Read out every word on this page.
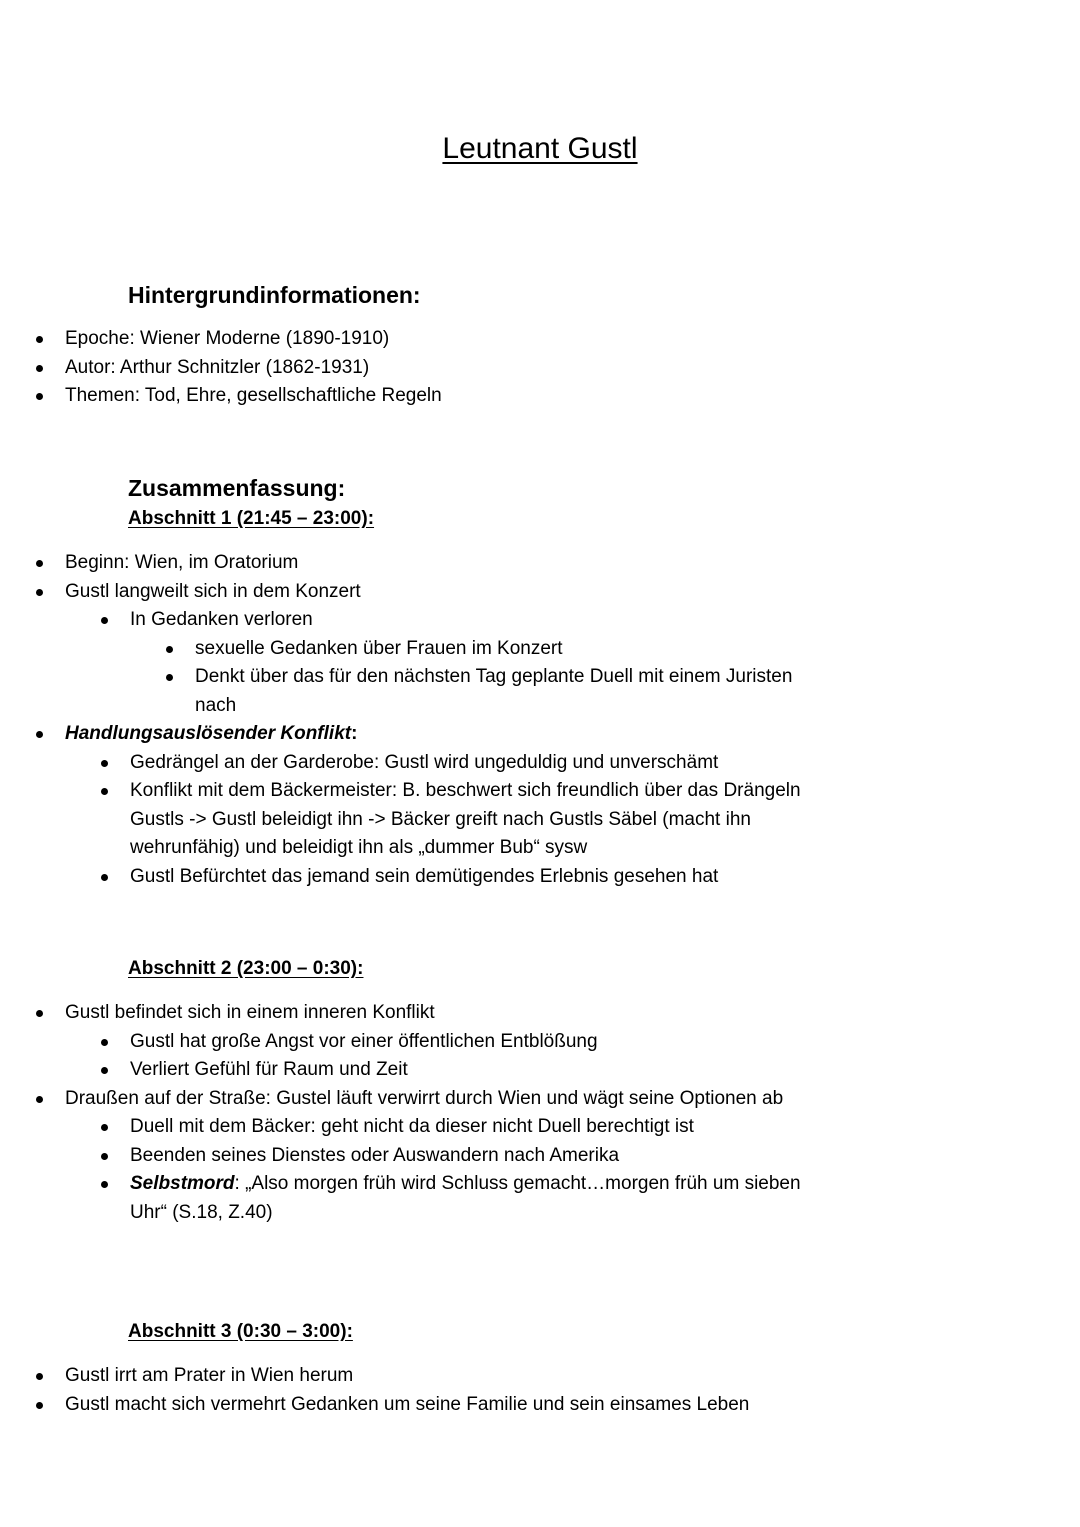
Leutnant Gustl
Hintergrundinformationen:
Epoche: Wiener Moderne (1890-1910)
Autor: Arthur Schnitzler (1862-1931)
Themen: Tod, Ehre, gesellschaftliche Regeln
Zusammenfassung:
Abschnitt 1 (21:45 – 23:00):
Beginn: Wien, im Oratorium
Gustl langweilt sich in dem Konzert
In Gedanken verloren
sexuelle Gedanken über Frauen im Konzert
Denkt über das für den nächsten Tag geplante Duell mit einem Juristen nach
Handlungsauslösender Konflikt:
Gedrängel an der Garderobe: Gustl wird ungeduldig und unverschämt
Konflikt mit dem Bäckermeister: B. beschwert sich freundlich über das Drängeln Gustls -> Gustl beleidigt ihn -> Bäcker greift nach Gustls Säbel (macht ihn wehrunfähig) und beleidigt ihn als „dummer Bub“ sysw
Gustl Befürchtet das jemand sein demütigendes Erlebnis gesehen hat
Abschnitt 2 (23:00 – 0:30):
Gustl befindet sich in einem inneren Konflikt
Gustl hat große Angst vor einer öffentlichen Entblößung
Verliert Gefühl für Raum und Zeit
Draußen auf der Straße: Gustel läuft verwirrt durch Wien und wägt seine Optionen ab
Duell mit dem Bäcker: geht nicht da dieser nicht Duell berechtigt ist
Beenden seines Dienstes oder Auswandern nach Amerika
Selbstmord: „Also morgen früh wird Schluss gemacht…morgen früh um sieben Uhr“ (S.18, Z.40)
Abschnitt 3 (0:30 – 3:00):
Gustl irrt am Prater in Wien herum
Gustl macht sich vermehrt Gedanken um seine Familie und sein einsames Leben
